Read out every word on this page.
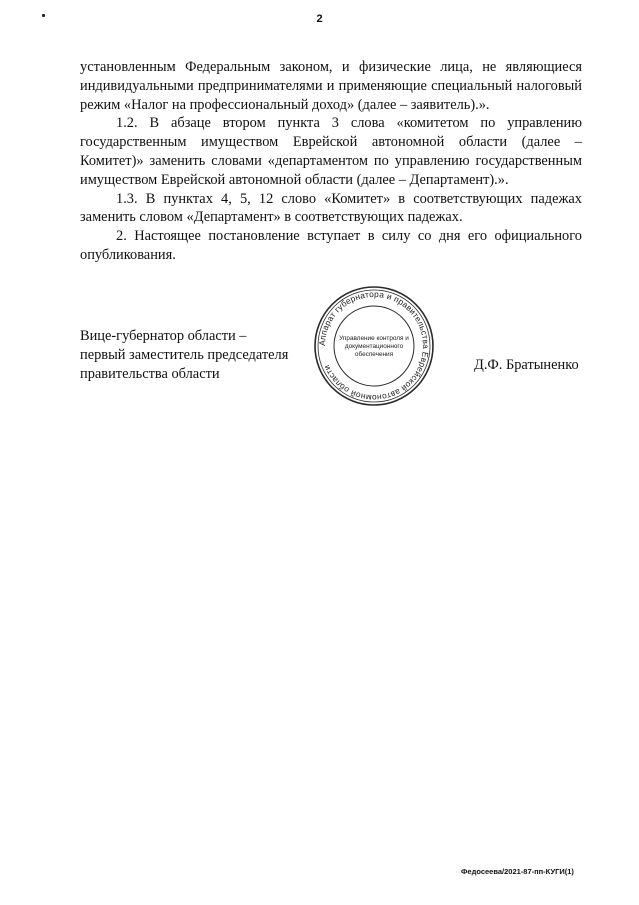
2

установленным Федеральным законом, и физические лица, не являющиеся индивидуальными предпринимателями и применяющие специальный налоговый режим «Налог на профессиональный доход» (далее – заявитель).».

1.2. В абзаце втором пункта 3 слова «комитетом по управлению государственным имуществом Еврейской автономной области (далее – Комитет)» заменить словами «департаментом по управлению государственным имуществом Еврейской автономной области (далее – Департамент).».

1.3. В пунктах 4, 5, 12 слово «Комитет» в соответствующих падежах заменить словом «Департамент» в соответствующих падежах.

2. Настоящее постановление вступает в силу со дня его официального опубликования.

Вице-губернатор области –
первый заместитель председателя
правительства области
Аппарат губернатора и правительства Еврейской автономной области
Управление контроля и
документационного
обеспечения
Д.Ф. Братыненко
Федосеева/2021-87-пп-КУГИ(1)
